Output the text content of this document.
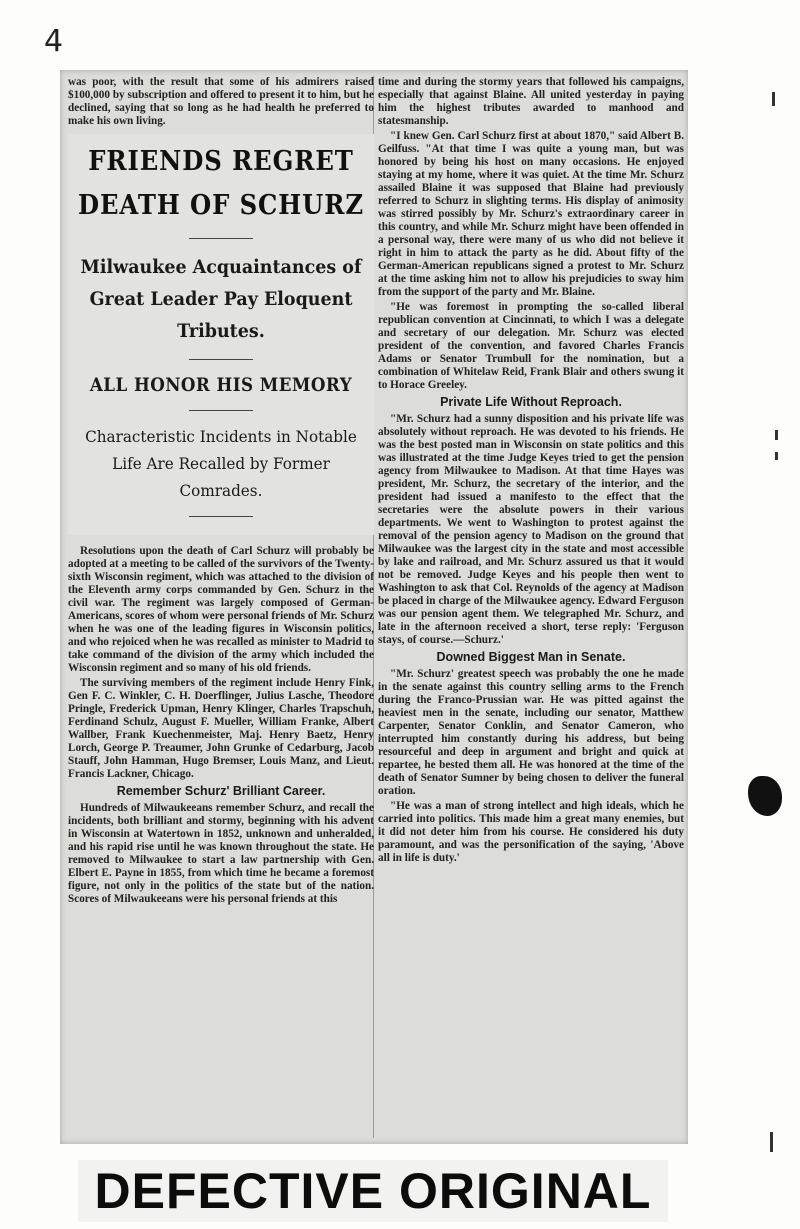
4

was poor, with the result that some of his admirers raised $100,000 by subscription and offered to present it to him, but he declined, saying that so long as he had health he preferred to make his own living.

FRIENDS REGRET
DEATH OF SCHURZ
Milwaukee Acquaintances of Great Leader Pay Eloquent Tributes.
ALL HONOR HIS MEMORY
Characteristic Incidents in Notable Life Are Recalled by Former Comrades.

Resolutions upon the death of Carl Schurz will probably be adopted at a meeting to be called of the survivors of the Twenty-sixth Wisconsin regiment, which was attached to the division of the Eleventh army corps commanded by Gen. Schurz in the civil war. The regiment was largely composed of German-Americans, scores of whom were personal friends of Mr. Schurz when he was one of the leading figures in Wisconsin politics, and who rejoiced when he was recalled as minister to Madrid to take command of the division of the army which included the Wisconsin regiment and so many of his old friends.

The surviving members of the regiment include Henry Fink, Gen F. C. Winkler, C. H. Doerflinger, Julius Lasche, Theodore Pringle, Frederick Upman, Henry Klinger, Charles Trapschuh, Ferdinand Schulz, August F. Mueller, William Franke, Albert Wallber, Frank Kuechenmeister, Maj. Henry Baetz, Henry Lorch, George P. Treaumer, John Grunke of Cedarburg, Jacob Stauff, John Hamman, Hugo Bremser, Louis Manz, and Lieut. Francis Lackner, Chicago.

Remember Schurz' Brilliant Career.

Hundreds of Milwaukeeans remember Schurz, and recall the incidents, both brilliant and stormy, beginning with his advent in Wisconsin at Watertown in 1852, unknown and unheralded, and his rapid rise until he was known throughout the state. He removed to Milwaukee to start a law partnership with Gen. Elbert E. Payne in 1855, from which time he became a foremost figure, not only in the politics of the state but of the nation. Scores of Milwaukeeans were his personal friends at this

time and during the stormy years that followed his campaigns, especially that against Blaine. All united yesterday in paying him the highest tributes awarded to manhood and statesmanship.

"I knew Gen. Carl Schurz first at about 1870," said Albert B. Geilfuss. "At that time I was quite a young man, but was honored by being his host on many occasions. He enjoyed staying at my home, where it was quiet. At the time Mr. Schurz assailed Blaine it was supposed that Blaine had previously referred to Schurz in slighting terms. His display of animosity was stirred possibly by Mr. Schurz's extraordinary career in this country, and while Mr. Schurz might have been offended in a personal way, there were many of us who did not believe it right in him to attack the party as he did. About fifty of the German-American republicans signed a protest to Mr. Schurz at the time asking him not to allow his prejudicies to sway him from the support of the party and Mr. Blaine.

"He was foremost in prompting the so-called liberal republican convention at Cincinnati, to which I was a delegate and secretary of our delegation. Mr. Schurz was elected president of the convention, and favored Charles Francis Adams or Senator Trumbull for the nomination, but a combination of Whitelaw Reid, Frank Blair and others swung it to Horace Greeley.

Private Life Without Reproach.

"Mr. Schurz had a sunny disposition and his private life was absolutely without reproach. He was devoted to his friends. He was the best posted man in Wisconsin on state politics and this was illustrated at the time Judge Keyes tried to get the pension agency from Milwaukee to Madison. At that time Hayes was president, Mr. Schurz, the secretary of the interior, and the president had issued a manifesto to the effect that the secretaries were the absolute powers in their various departments. We went to Washington to protest against the removal of the pension agency to Madison on the ground that Milwaukee was the largest city in the state and most accessible by lake and railroad, and Mr. Schurz assured us that it would not be removed. Judge Keyes and his people then went to Washington to ask that Col. Reynolds of the agency at Madison be placed in charge of the Milwaukee agency. Edward Ferguson was our pension agent them. We telegraphed Mr. Schurz, and late in the afternoon received a short, terse reply: 'Ferguson stays, of course.—Schurz.'

Downed Biggest Man in Senate.

"Mr. Schurz' greatest speech was probably the one he made in the senate against this country selling arms to the French during the Franco-Prussian war. He was pitted against the heaviest men in the senate, including our senator, Matthew Carpenter, Senator Conklin, and Senator Cameron, who interrupted him constantly during his address, but being resourceful and deep in argument and bright and quick at repartee, he bested them all. He was honored at the time of the death of Senator Sumner by being chosen to deliver the funeral oration.

"He was a man of strong intellect and high ideals, which he carried into politics. This made him a great many enemies, but it did not deter him from his course. He considered his duty paramount, and was the personification of the saying, 'Above all in life is duty.'

DEFECTIVE ORIGINAL
